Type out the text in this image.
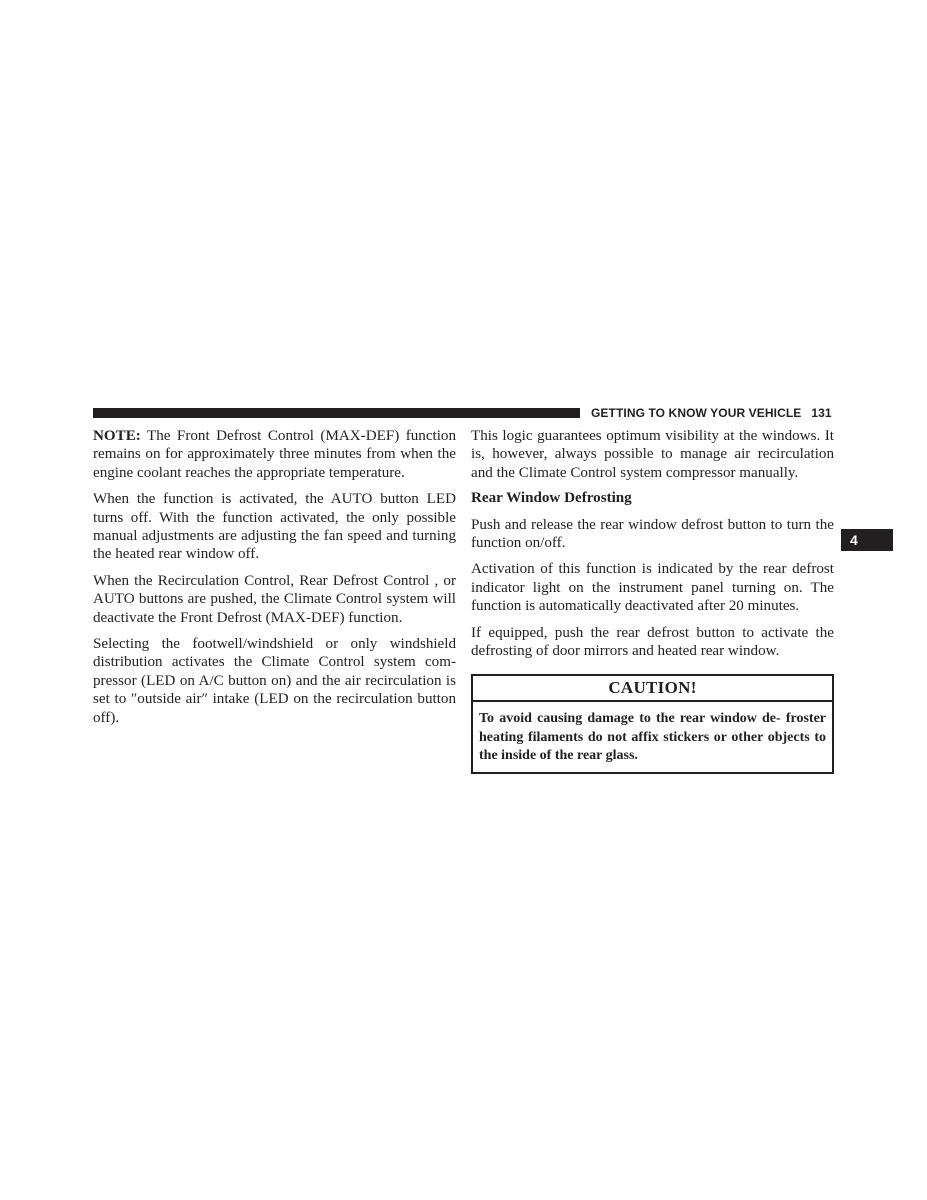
GETTING TO KNOW YOUR VEHICLE 131
4

NOTE: The Front Defrost Control (MAX-DEF) function remains on for approximately three minutes from when the engine coolant reaches the appropriate temperature.

When the function is activated, the AUTO button LED turns off. With the function activated, the only possible manual adjustments are adjusting the fan speed and turning the heated rear window off.

When the Recirculation Control, Rear Defrost Control , or AUTO buttons are pushed, the Climate Control system will deactivate the Front Defrost (MAX-DEF) function.

Selecting the footwell/windshield or only windshield distribution activates the Climate Control system com- pressor (LED on A/C button on) and the air recirculation is set to ″outside air″ intake (LED on the recirculation button off).

This logic guarantees optimum visibility at the windows. It is, however, always possible to manage air recirculation and the Climate Control system compressor manually.

Rear Window Defrosting

Push and release the rear window defrost button to turn the function on/off.

Activation of this function is indicated by the rear defrost indicator light on the instrument panel turning on. The function is automatically deactivated after 20 minutes.

If equipped, push the rear defrost button to activate the defrosting of door mirrors and heated rear window.

CAUTION!
To avoid causing damage to the rear window de- froster heating filaments do not affix stickers or other objects to the inside of the rear glass.
